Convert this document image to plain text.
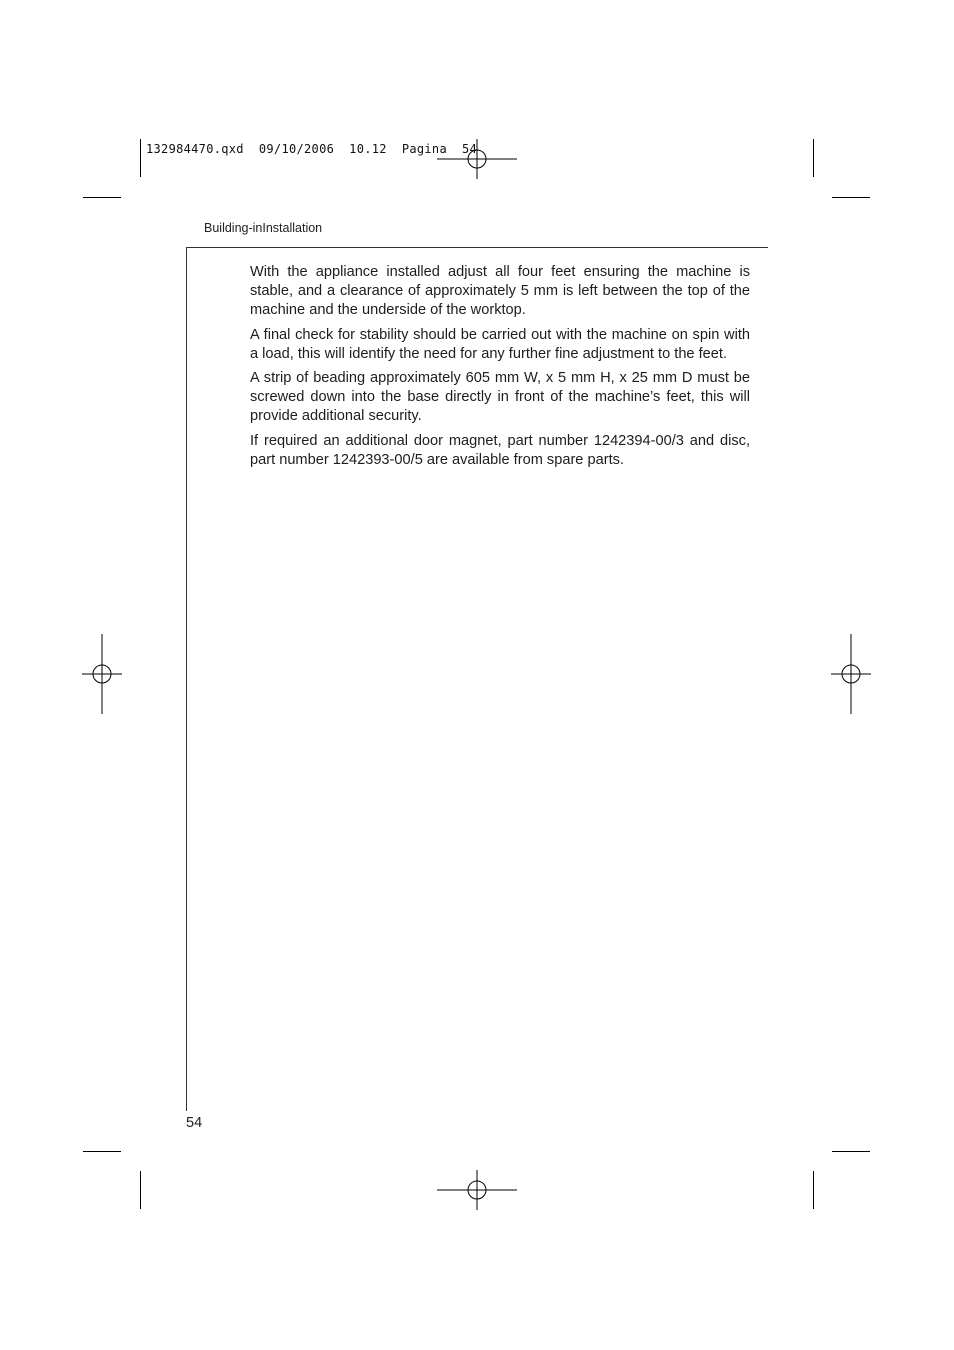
132984470.qxd  09/10/2006  10.12  Pagina  54
Building-inInstallation

With the appliance installed adjust all four feet ensuring the machine is stable, and a clearance of approximately 5 mm is left between the top of the machine and the underside of the worktop.

A final check for stability should be carried out with the machine on spin with a load, this will identify the need for any further fine adjustment to the feet.

A strip of beading approximately 605 mm W, x 5 mm H, x 25 mm D must be screwed down into the base directly in front of the machine’s feet, this will provide additional security.

If required an additional door magnet, part number 1242394-00/3 and disc, part number 1242393-00/5 are available from spare parts.

54
